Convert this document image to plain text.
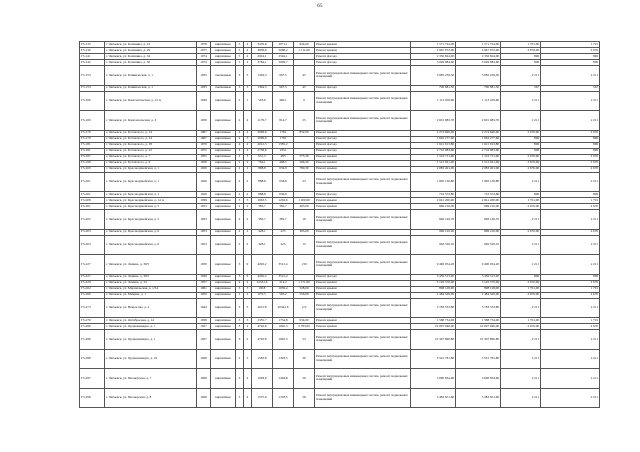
65
Г5-135	г. Чапаевск, ул. Калинина, д. 23	1978	кирпичные	5	4	3476,6	2071,1	924,00	Ремонт крыши	1 571 724,00	1 571 724,00	1 701,00	1 701
Г5-136	г. Чапаевск, ул. Калинина, д. 29	1977	кирпичные	5	4	3859,6	2068,2	1 111,60	Ремонт крыши	2 967 972,00	2 967 972,00	2 670,00	2 670
Г5-141	г. Чапаевск, ул. Калинина, д. 34	1974	кирпичные	5	4	2924,1	2544,1		Ремонт фасада	2 356 824,00	2 356 824,00	806	806
Г5-142	г. Чапаевск, ул. Калинина, д. 36	1974	кирпичные	5	4	3784,1	2609,7		Ремонт фасада	3 049 984,60	3 049 984,60	806	806
Г5-153	г. Чапаевск, ул. Клиническая, д. 1	1935	смешанные	3	3	1394,5	907,5	45	Ремонт внутридомовых инженерных систем, ремонт подвальных помещений	3 085 239,50	3 085 239,50	2 211	2 211
Г5-153	г. Чапаевск, ул. Клиническая, д. 1	1935	смешанные	3	3	1394,5	907,5	45	Ремонт фасада	790 681,50	790 681,50	567	567
Г5-160	г. Чапаевск, ул. Комсомольская, д. 13 А	1949	кирпичные	2	1	503,6	460,1	9	Ремонт внутридомовых инженерных систем, ремонт подвальных помещений	1 113 459,60	1 113 459,60	2 211	2 211
Г5-166	г. Чапаевск, ул. Комсомольская, д. 3	1936	кирпичные	2	4	1176,7	814,7	25	Ремонт внутридомовых инженерных систем, ремонт подвальных помещений	2 601 683,70	2 601 683,70	2 211	2 211
Г5-179	г. Чапаевск, ул. Котовского, д. 14	1967	кирпичные	4	4	2099,6	1781	852,00	Ремонт крыши	2 274 840,00	2 274 840,00	2 670,00	2 670
Г5-179	г. Чапаевск, ул. Котовского, д. 14	1967	кирпичные	4	3	2099,6	1781		Ремонт фасада	1 692 277,60	1 692 277,60	806	806
Г5-181	г. Чапаевск, ул. Котовского, д. 18	1970	кирпичные	4	4	2012,3	1585,2		Ремонт фасада	1 621 913,80	1 621 913,80	806	806
Г5-181	г. Чапаевск, ул. Котовского, д. 22	1972	кирпичные	4	4	2758,6	2351		Ремонт фасада	2 716 983,60	2 716 983,60	806	806
Г5-187	г. Чапаевск, ул. Котовского, д. 7	1955	кирпичные	2	3	651,5	483	575,30	Ремонт крыши	1 510 711,00	1 510 711,00	2 670,00	2 670
Г5-199	г. Чапаевск, ул. Котовского, д. 9	1956	кирпичные	2	2	764,1	498,5	566,30	Ремонт крыши	1 512 021,00	1 512 021,00	2 670,00	2 670
Г5-200	г. Чапаевск, ул. Красноармейская, д. 1	1929	кирпичные	2	2	888,8	636,9	780,30	Ремонт крыши	2 083 401,00	2 083 401,00	2 670,00	2 670
Г5-201	г. Чапаевск, ул. Красноармейская, д. 1	1929	кирпичные	2	2	888,8	636,9	23	Ремонт внутридомовых инженерных систем, ремонт подвальных помещений	1 965 136,80	1 965 136,80	2 211	2 211
Г5-201	г. Чапаевск, ул. Красноармейская, д. 1	1929	кирпичные	2	2	888,8	636,9		Ремонт фасада	716 372,80	716 372,80	806	806
Г5-208	г. Чапаевск, ул. Красноармейская, д. 14 А	1958	кирпичные	3	3	1663,5	1204,6	1 200,00	Ремонт крыши	2 041 200,00	2 041 200,00	1 701,00	1 701
Г5-201	г. Чапаевск, ул. Красноармейская, д. 5	1953	кирпичные	2	2	383,7	382,7	363,00	Ремонт крыши	969 210,00	969 210,00	2 670,00	2 670
Г5-202	г. Чапаевск, ул. Красноармейская, д. 5	1953	кирпичные	2	2	383,7	382,7	16	Ремонт внутридомовых инженерных систем, ремонт подвальных помещений	846 149,70	846 149,70	2 211	2 211
Г5-203	г. Чапаевск, ул. Красноармейская, д. 6	1953	кирпичные	2	2	428,1	225	363,00	Ремонт крыши	969 210,00	969 210,00	2 670,00	2 670
Г5-203	г. Чапаевск, ул. Красноармейская, д. 6	1953	кирпичные	2	2	428,1	225	12	Ремонт внутридомовых инженерных систем, ремонт подвальных помещений	946 529,10	946 529,10	2 211	2 211
Г5-227	г. Чапаевск, ул. Ленина, д. 30/5	1930	кирпичные	3	9	4292,2	3512,4	139	Ремонт внутридомовых инженерных систем, ремонт подвальных помещений	9 490 054,20	9 490 054,20	2 211	2 211
Г5-227	г. Чапаевск, ул. Ленина, д. 30/5	1930	кирпичные	3	9	4292,2	3512,4		Ремонт фасада	3 459 513,20	3 459 513,20	806	806
Г5-229	г. Чапаевск, ул. Ленина, д. 34	1957	кирпичные	4	4	2253,16	314,2	1 171,00	Ремонт крыши	3 126 570,00	3 126 570,00	2 670,00	2 670
Г5-262	г. Чапаевск, ул. Маршальская, д. 1/54	1961	кирпичные	3	3	1818	1659,4	528,00	Ремонт крыши	898 128,00	898 128,00	1 701,00	1 701
Г5-269	г. Чапаевск, ул. Мичина, д. 1	1959	кирпичные	2	2	670,5	505,2	556,00	Ремонт крыши	1 484 520,00	1 484 520,00	2 670,00	2 670
Г5-273	г. Чапаевск, ул. Некрасова, д. 2	1942	кирпичные	3	3	2615,8	2034,16	115	Ремонт внутридомовых инженерных систем, ремонт подвальных помещений	5 783 533,80	5 783 533,80	2 211	2 211
Г5-279	г. Чапаевск, ул. Октябрьская, д. 14	1958	кирпичные	3	3	2335,7	1734,8	934,00	Ремонт крыши	1 588 734,00	1 588 734,00	1 701,00	1 701
Г5-286	г. Чапаевск, ул. Орджоникидзе, д. 1	1927	кирпичные	3	2	4702,8	1692,3	3 783,00	Ремонт крыши	10 097 940,00	10 097 940,00	2 670,00	2 670
Г5-286	г. Чапаевск, ул. Орджоникидзе, д. 1	1927	кирпичные	3	2	4702,8	1692,3	53	Ремонт внутридомовых инженерных систем, ремонт подвальных помещений	10 397 890,80	10 397 890,80	2 211	2 211
Г5-288	г. Чапаевск, ул. Орджоникидзе, д. 10	1928	кирпичные	2	3	1583,8	1303,5	36	Ремонт внутридомовых инженерных систем, ремонт подвальных помещений	3 501 781,80	3 501 781,80	2 211	2 211
Г5-297	г. Чапаевск, ул. Пионерская, д. 7	1928	кирпичные	3	4	1628,6	1494,8	59	Ремонт внутридомовых инженерных систем, ремонт подвальных помещений	3 600 834,60	3 600 834,60	2 211	2 211
Г5-298	г. Чапаевск, ул. Пионерская, д. 8	1928	кирпичные	3	4	1575,6	1318,3	58	Ремонт внутридомовых инженерных систем, ремонт подвальных помещений	3 483 651,60	3 483 651,60	2 211	2 211
